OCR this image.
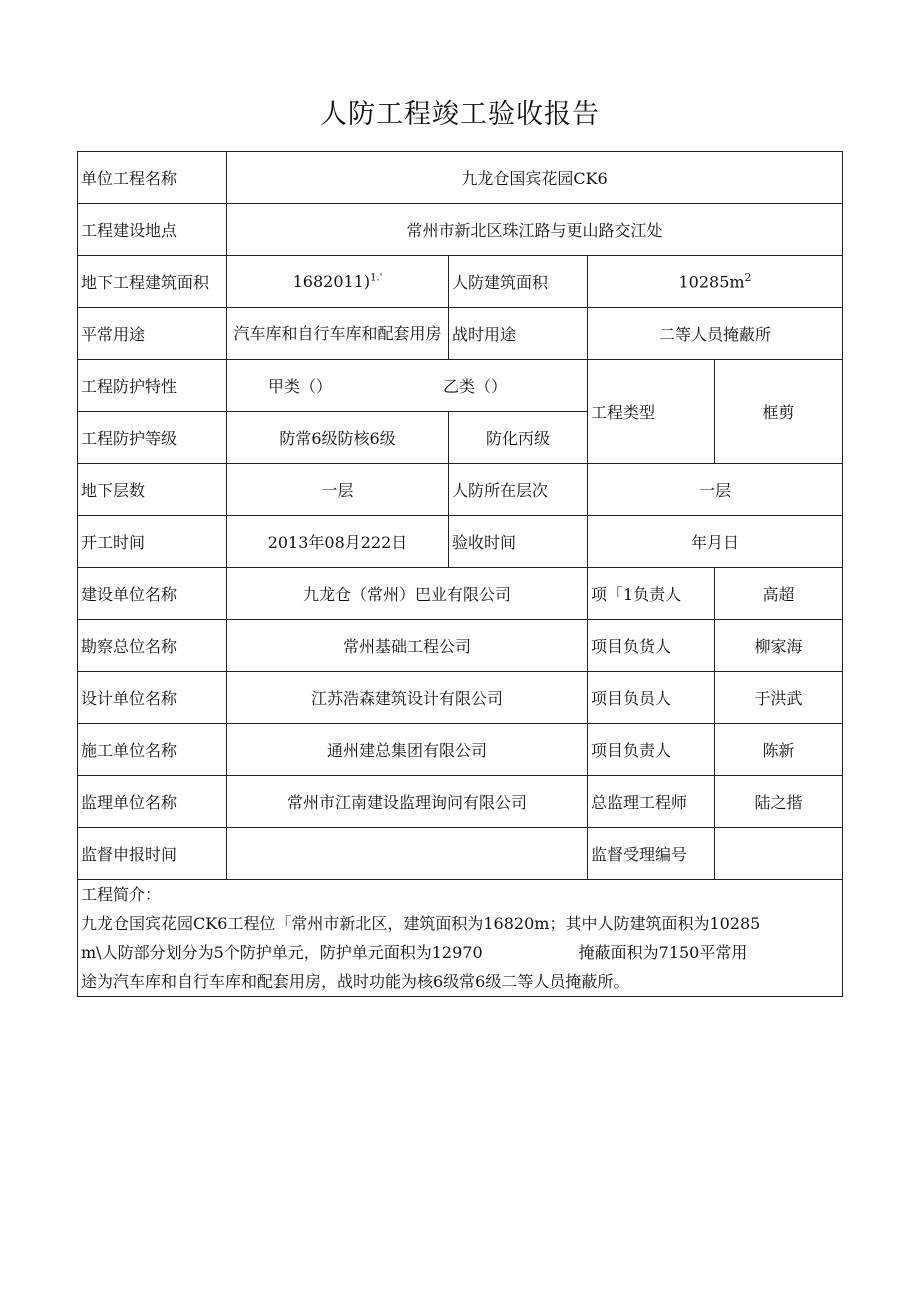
人防工程竣工验收报告
单位工程名称	九龙仓国宾花园CK6			
工程建设地点	常州市新北区珠江路与更山路交江处			
地下工程建筑面积	1682011)$^{1.'}$	人防建筑面积	$10285m^2$
平常用途	汽车库和自行车库和配套用房	战时用途	二等人员掩蔽所	
工程防护特性	甲类（） 乙类（）		工程类型	框剪
工程防护等级	防常6级防核6级	防化丙级		
地下层数	一层	人防所在层次	一层	
开工时间	2013年08月222日	验收时间	年月日	
建设单位名称	九龙仓（常州）巴业有限公司		项「1负责人	高超
勘察总位名称	常州基础工程公司		项目负货人	柳家海
设计单位名称	江苏浩森建筑设计有限公司		项目负员人	于洪武
施工单位名称	通州建总集团有限公司		项目负责人	陈新
监理单位名称	常州市江南建设监理询问有限公司		总监理工程师	陆之揩
监督申报时间			监督受理编号	

工程简介：
九龙仓国宾花园CK6工程位「常州市新北区，建筑面积为16820m；其中人防建筑面积为10285
m\人防部分划分为5个防护单元，防护单元面积为12970　　　　　　掩蔽面积为7150平常用
途为汽车库和自行车库和配套用房，战时功能为核6级常6级二等人员掩蔽所。				
